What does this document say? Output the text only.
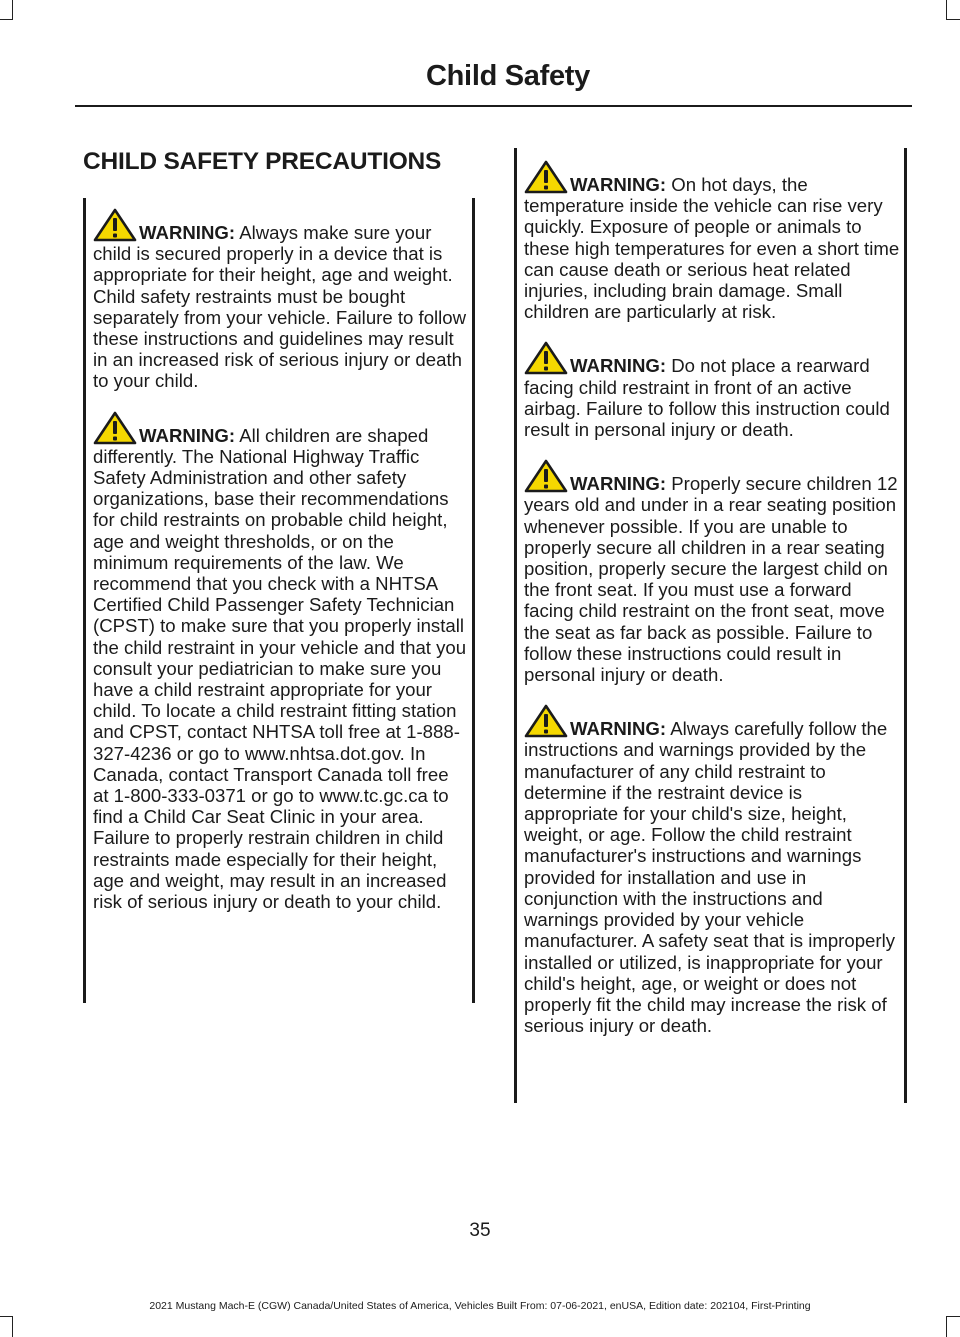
Child Safety
CHILD SAFETY PRECAUTIONS

WARNING: Always make sure your child is secured properly in a device that is appropriate for their height, age and weight. Child safety restraints must be bought separately from your vehicle. Failure to follow these instructions and guidelines may result in an increased risk of serious injury or death to your child.

WARNING: All children are shaped differently. The National Highway Traffic Safety Administration and other safety organizations, base their recommendations for child restraints on probable child height, age and weight thresholds, or on the minimum requirements of the law. We recommend that you check with a NHTSA Certified Child Passenger Safety Technician (CPST) to make sure that you properly install the child restraint in your vehicle and that you consult your pediatrician to make sure you have a child restraint appropriate for your child. To locate a child restraint fitting station and CPST, contact NHTSA toll free at 1-888-327-4236 or go to www.nhtsa.dot.gov. In Canada, contact Transport Canada toll free at 1-800-333-0371 or go to www.tc.gc.ca to find a Child Car Seat Clinic in your area. Failure to properly restrain children in child restraints made especially for their height, age and weight, may result in an increased risk of serious injury or death to your child.

WARNING: On hot days, the temperature inside the vehicle can rise very quickly. Exposure of people or animals to these high temperatures for even a short time can cause death or serious heat related injuries, including brain damage. Small children are particularly at risk.

WARNING: Do not place a rearward facing child restraint in front of an active airbag. Failure to follow this instruction could result in personal injury or death.

WARNING: Properly secure children 12 years old and under in a rear seating position whenever possible. If you are unable to properly secure all children in a rear seating position, properly secure the largest child on the front seat. If you must use a forward facing child restraint on the front seat, move the seat as far back as possible. Failure to follow these instructions could result in personal injury or death.

WARNING: Always carefully follow the instructions and warnings provided by the manufacturer of any child restraint to determine if the restraint device is appropriate for your child's size, height, weight, or age. Follow the child restraint manufacturer's instructions and warnings provided for installation and use in conjunction with the instructions and warnings provided by your vehicle manufacturer. A safety seat that is improperly installed or utilized, is inappropriate for your child's height, age, or weight or does not properly fit the child may increase the risk of serious injury or death.

35
2021 Mustang Mach-E (CGW) Canada/United States of America, Vehicles Built From: 07-06-2021, enUSA, Edition date: 202104, First-Printing
